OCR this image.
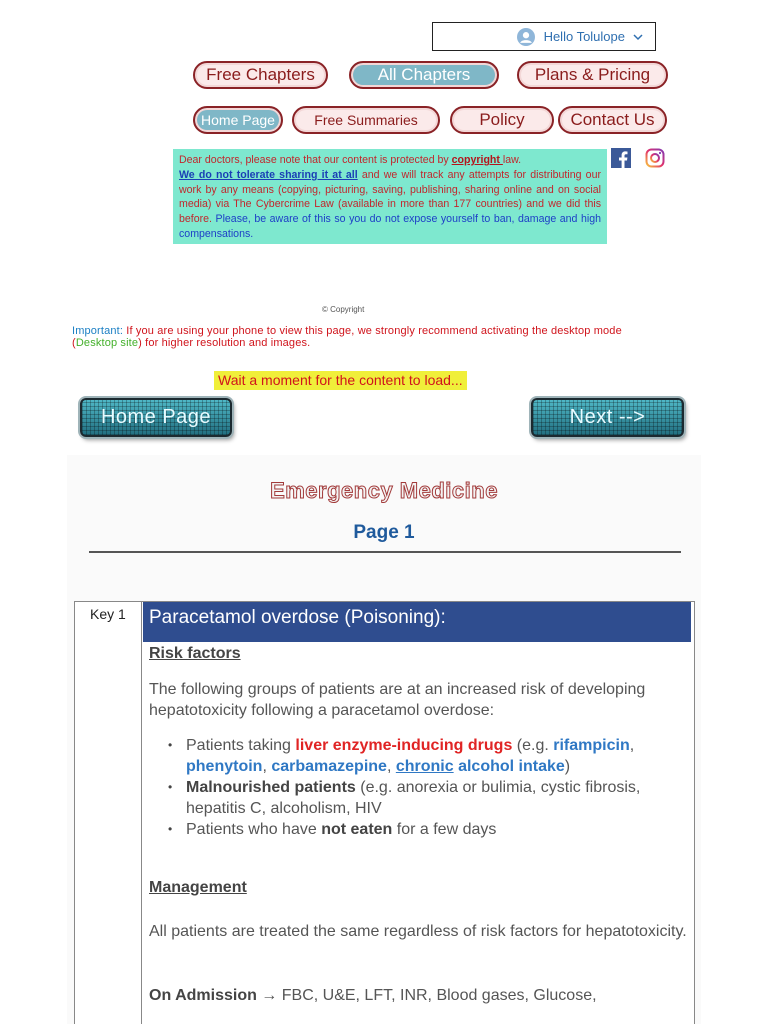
Hello Tolulope
Free Chapters	All Chapters	Plans & Pricing
Home Page	Free Summaries	Policy	Contact Us
Dear doctors, please note that our content is protected by copyright law.
We do not tolerate sharing it at all and we will track any attempts for distributing our work by any means (copying, picturing, saving, publishing, sharing online and on social media) via The Cybercrime Law (available in more than 177 countries) and we did this before. Please, be aware of this so you do not expose yourself to ban, damage and high compensations.
© Copyright
Important: If you are using your phone to view this page, we strongly recommend activating the desktop mode (Desktop site) for higher resolution and images.
Wait a moment for the content to load...
Home Page	Next -->
Emergency Medicine
Page 1
Key 1	Paracetamol overdose (Poisoning):
Risk factors
The following groups of patients are at an increased risk of developing hepatotoxicity following a paracetamol overdose:
• Patients taking liver enzyme-inducing drugs (e.g. rifampicin, phenytoin, carbamazepine, chronic alcohol intake)
• Malnourished patients (e.g. anorexia or bulimia, cystic fibrosis, hepatitis C, alcoholism, HIV
• Patients who have not eaten for a few days
Management
All patients are treated the same regardless of risk factors for hepatotoxicity.
On Admission → FBC, U&E, LFT, INR, Blood gases, Glucose,
